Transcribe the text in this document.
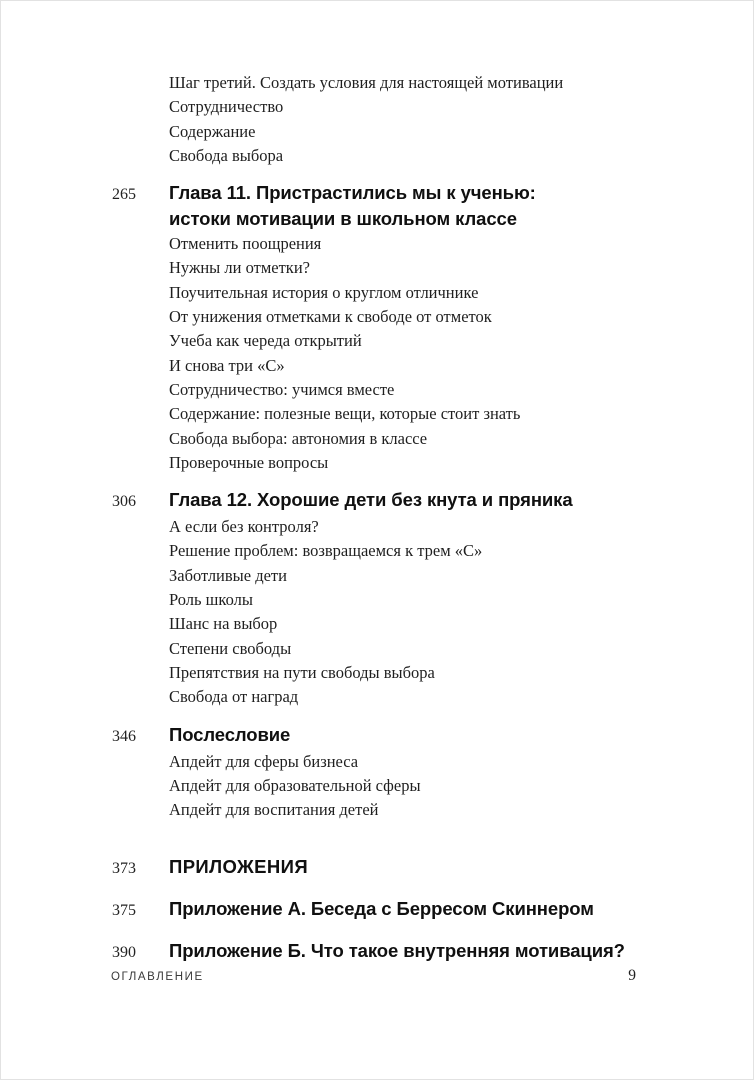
Шаг третий. Создать условия для настоящей мотивации
Сотрудничество
Содержание
Свобода выбора
265 Глава 11. Пристрастились мы к ученью:
истоки мотивации в школьном классе
Отменить поощрения
Нужны ли отметки?
Поучительная история о круглом отличнике
От унижения отметками к свободе от отметок
Учеба как череда открытий
И снова три «С»
Сотрудничество: учимся вместе
Содержание: полезные вещи, которые стоит знать
Свобода выбора: автономия в классе
Проверочные вопросы
306 Глава 12. Хорошие дети без кнута и пряника
А если без контроля?
Решение проблем: возвращаемся к трем «С»
Заботливые дети
Роль школы
Шанс на выбор
Степени свободы
Препятствия на пути свободы выбора
Свобода от наград
346 Послесловие
Апдейт для сферы бизнеса
Апдейт для образовательной сферы
Апдейт для воспитания детей
373 ПРИЛОЖЕНИЯ
375 Приложение А. Беседа с Берресом Скиннером
390 Приложение Б. Что такое внутренняя мотивация?
ОГЛАВЛЕНИЕ	9
